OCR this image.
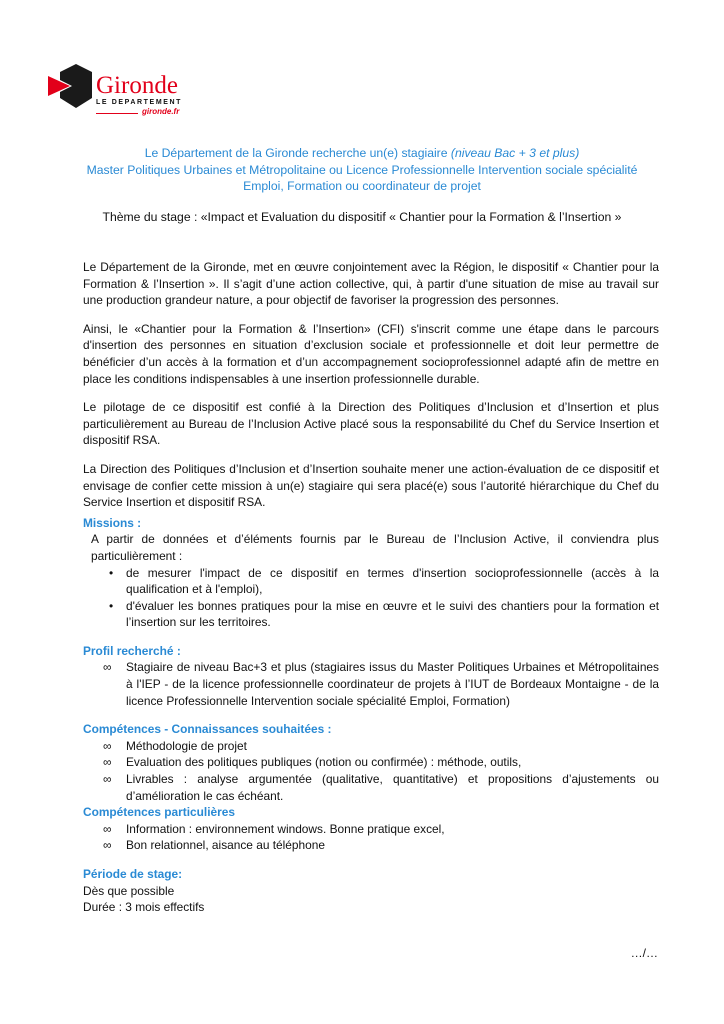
Gironde
LE DEPARTEMENT
gironde.fr
Le Département de la Gironde recherche un(e) stagiaire (niveau Bac + 3 et plus)
Master Politiques Urbaines et Métropolitaine ou Licence Professionnelle Intervention sociale spécialité
Emploi, Formation ou coordinateur de projet
Thème du stage : «Impact et Evaluation du dispositif « Chantier pour la Formation & l’Insertion »

Le Département de la Gironde, met en œuvre conjointement avec la Région, le dispositif « Chantier pour la Formation & l’Insertion ». Il s’agit d’une action collective, qui, à partir d'une situation de mise au travail sur une production grandeur nature, a pour objectif de favoriser la progression des personnes.

Ainsi, le «Chantier pour la Formation & l’Insertion» (CFI) s'inscrit comme une étape dans le parcours d'insertion des personnes en situation d’exclusion sociale et professionnelle et doit leur permettre de bénéficier d’un accès à la formation et d’un accompagnement socioprofessionnel adapté afin de mettre en place les conditions indispensables à une insertion professionnelle durable.

Le pilotage de ce dispositif est confié à la Direction des Politiques d’Inclusion et d’Insertion et plus particulièrement au Bureau de l’Inclusion Active placé sous la responsabilité du Chef du Service Insertion et dispositif RSA.

La Direction des Politiques d’Inclusion et d’Insertion souhaite mener une action-évaluation de ce dispositif et envisage de confier cette mission à un(e) stagiaire qui sera placé(e) sous l’autorité hiérarchique du Chef du Service Insertion et dispositif RSA.

Missions :
A partir de données et d’éléments fournis par le Bureau de l’Inclusion Active, il conviendra plus particulièrement :
• de mesurer l'impact de ce dispositif en termes d'insertion socioprofessionnelle (accès à la qualification et à l'emploi),
• d'évaluer les bonnes pratiques pour la mise en œuvre et le suivi des chantiers pour la formation et l’insertion sur les territoires.
Profil recherché :
∞ Stagiaire de niveau Bac+3 et plus (stagiaires issus du Master Politiques Urbaines et Métropolitaines à l'IEP - de la licence professionnelle coordinateur de projets à l’IUT de Bordeaux Montaigne - de la licence Professionnelle Intervention sociale spécialité Emploi, Formation)
Compétences - Connaissances souhaitées :
∞ Méthodologie de projet
∞ Evaluation des politiques publiques (notion ou confirmée) : méthode, outils,
∞ Livrables : analyse argumentée (qualitative, quantitative) et propositions d’ajustements ou d’amélioration le cas échéant.
Compétences particulières
∞ Information : environnement windows. Bonne pratique excel,
∞ Bon relationnel, aisance au téléphone
Période de stage:
Dès que possible
Durée : 3 mois effectifs
…/…
